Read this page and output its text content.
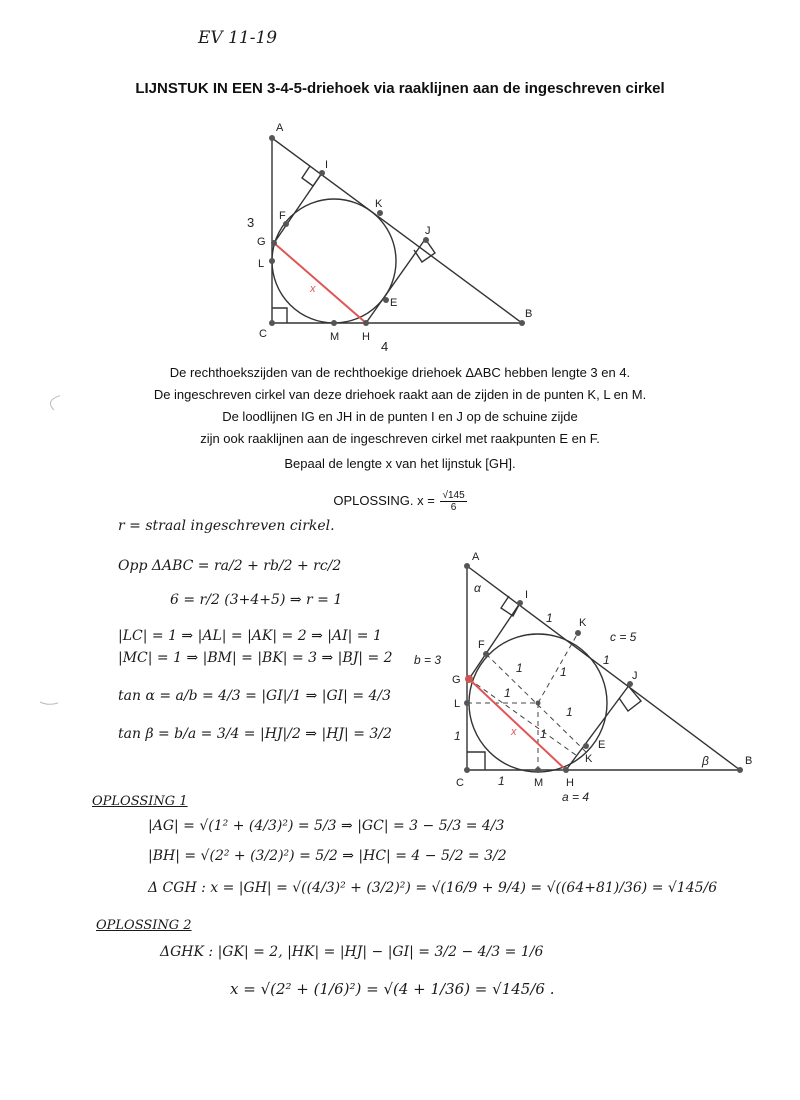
EV 11-19
LIJNSTUK IN EEN 3-4-5-driehoek via raaklijnen aan de ingeschreven cirkel
A
I
K
J
B
F
G
L
C	M H
E
x
3
4
De rechthoekszijden van de rechthoekige driehoek ΔABC hebben lengte 3 en 4.
De ingeschreven cirkel van deze driehoek raakt aan de zijden in de punten K, L en M.
De loodlijnen IG en JH in de punten I en J op de schuine zijde
zijn ook raaklijnen aan de ingeschreven cirkel met raakpunten E en F.
Bepaal de lengte x van het lijnstuk [GH].
OPLOSSING. $x = \frac{√145}{6}$
r = straal ingeschreven cirkel.
Opp ΔABC = ra/2 + rb/2 + rc/2
6 = r/2 (3+4+5) ⇒ r = 1
|LC| = 1 ⇒ |AL| = |AK| = 2 ⇒ |AI| = 1
|MC| = 1 ⇒ |BM| = |BK| = 3 ⇒ |BJ| = 2
tan α = a/b = 4/3 = |GI|/1 ⇒ |GI| = 4/3
tan β = b/a = 3/4 = |HJ|/2 ⇒ |HJ| = 3/2
OPLOSSING 1
|AG| = √(1² + (4/3)²) = 5/3 ⇒ |GC| = 3 − 5/3 = 4/3
|BH| = √(2² + (3/2)²) = 5/2 ⇒ |HC| = 4 − 5/2 = 3/2
Δ CGH : x = |GH| = √((4/3)² + (3/2)²) = √(16/9 + 9/4) = √((64+81)/36) = √145/6
OPLOSSING 2
ΔGHK : |GK| = 2, |HK| = |HJ| − |GI| = 3/2 − 4/3 = 1/6
x = √(2² + (1/6)²) = √(4 + 1/36) = √145/6 .
A
I
K
J
B
F
G
L
C	M H
E
K
x
α
β
c = 5
b = 3
a = 4
1
1
1
1
1	1
1
1
1
